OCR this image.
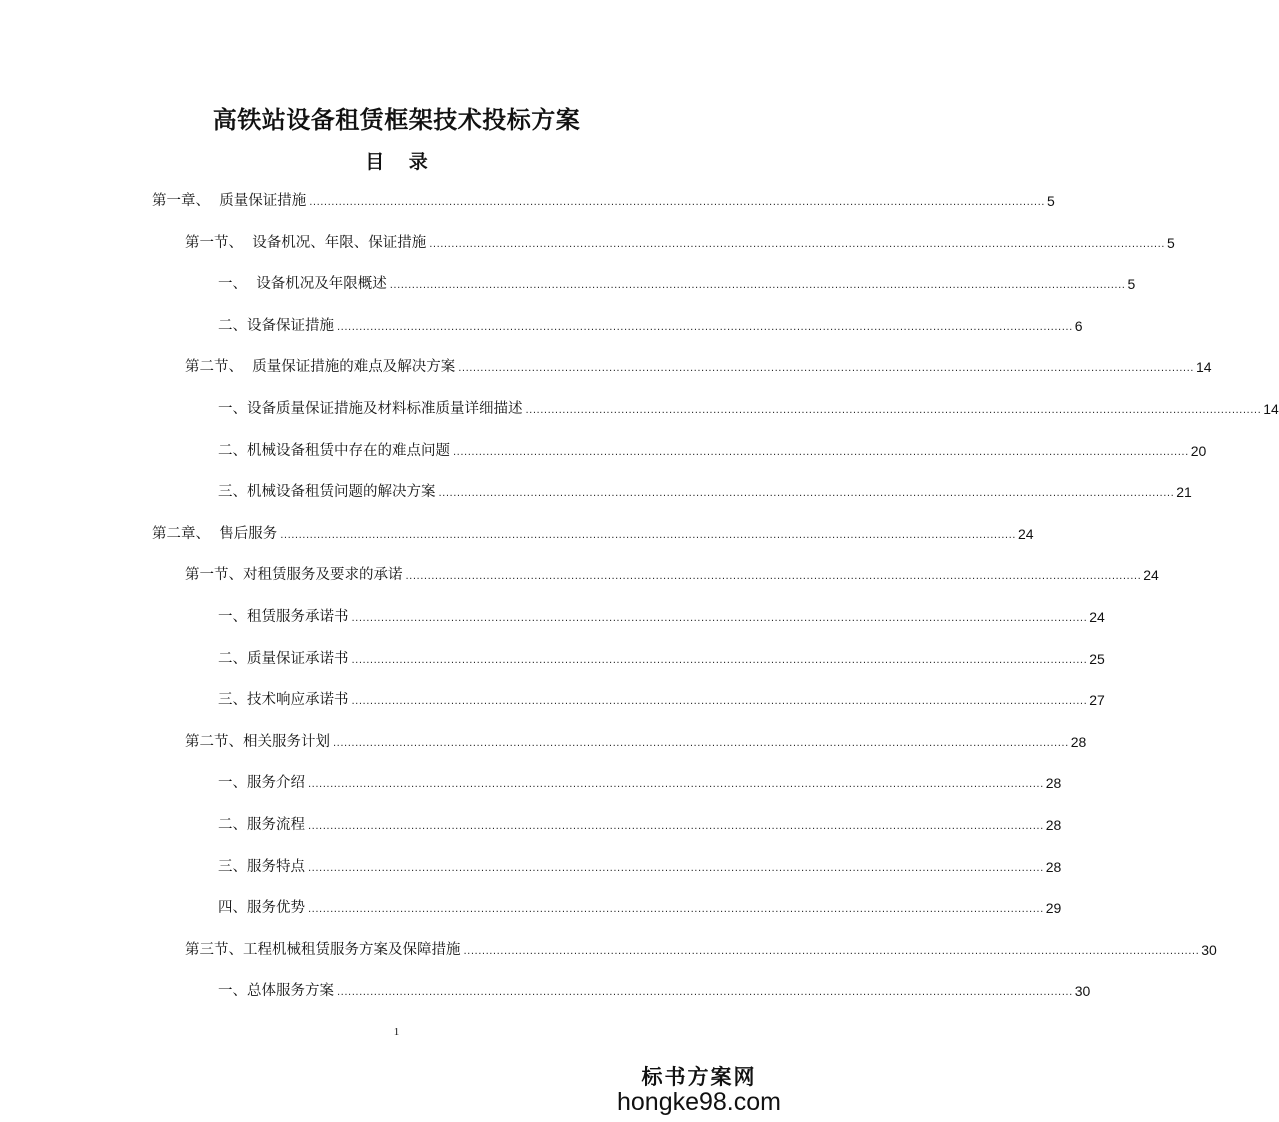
高铁站设备租赁框架技术投标方案
目 录
第一章、  质量保证措施 ........................................................................................................................................................................................................ 5
第一节、  设备机况、年限、保证措施 ........................................................................................................................................................................................................ 5
一、  设备机况及年限概述 ........................................................................................................................................................................................................ 5
二、设备保证措施 ........................................................................................................................................................................................................ 6
第二节、  质量保证措施的难点及解决方案 ........................................................................................................................................................................................................ 14
一、设备质量保证措施及材料标准质量详细描述 ........................................................................................................................................................................................................ 14
二、机械设备租赁中存在的难点问题 ........................................................................................................................................................................................................ 20
三、机械设备租赁问题的解决方案 ........................................................................................................................................................................................................ 21
第二章、  售后服务 ........................................................................................................................................................................................................ 24
第一节、对租赁服务及要求的承诺 ........................................................................................................................................................................................................ 24
一、租赁服务承诺书 ........................................................................................................................................................................................................ 24
二、质量保证承诺书 ........................................................................................................................................................................................................ 25
三、技术响应承诺书 ........................................................................................................................................................................................................ 27
第二节、相关服务计划 ........................................................................................................................................................................................................ 28
一、服务介绍 ........................................................................................................................................................................................................ 28
二、服务流程 ........................................................................................................................................................................................................ 28
三、服务特点 ........................................................................................................................................................................................................ 28
四、服务优势 ........................................................................................................................................................................................................ 29
第三节、工程机械租赁服务方案及保障措施 ........................................................................................................................................................................................................ 30
一、总体服务方案 ........................................................................................................................................................................................................ 30
1
标书方案网
hongke98.com
